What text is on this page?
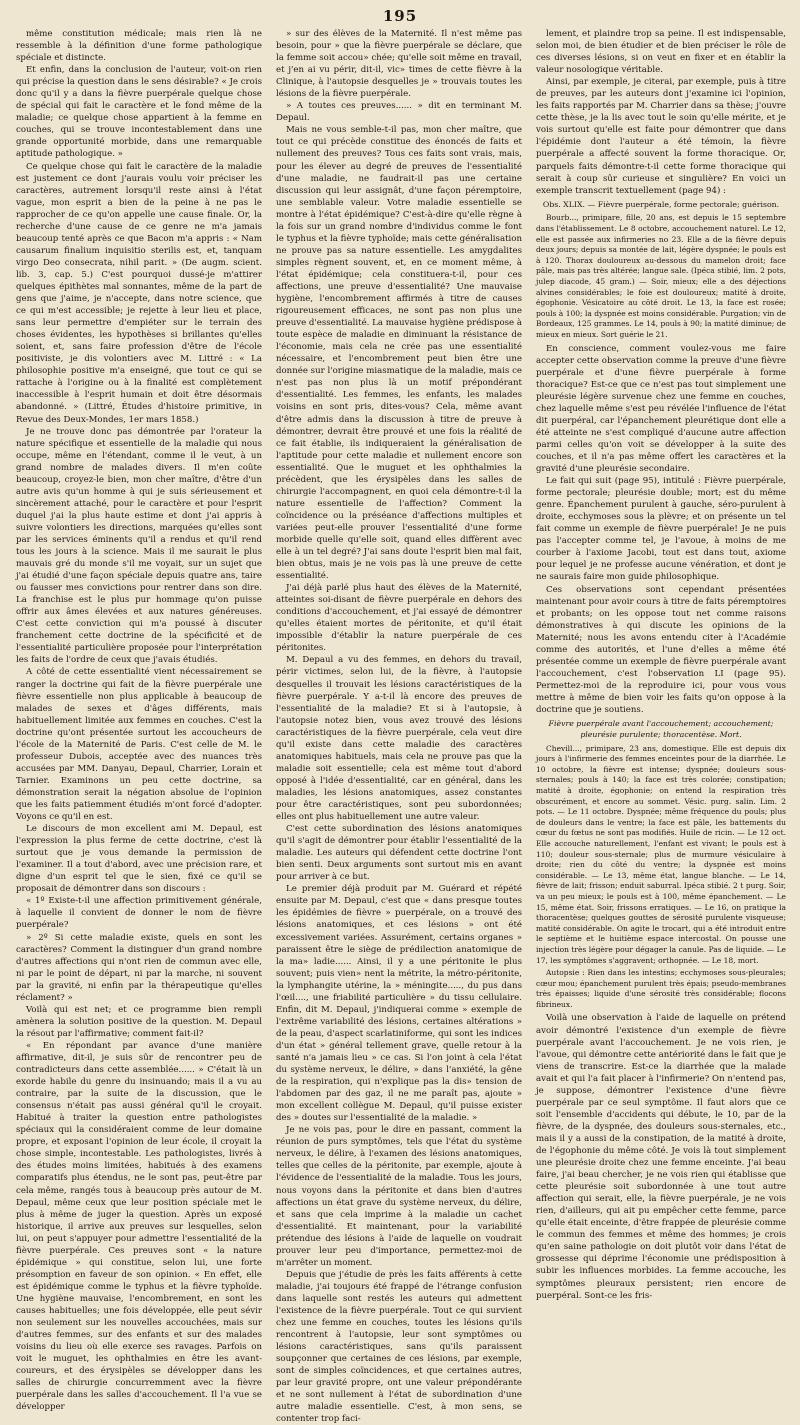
195

même constitution médicale; mais rien là ne ressemble à la définition d'une forme pathologique spéciale et distincte.

Et enfin, dans la conclusion de l'auteur, voit-on rien qui précise la question dans le sens désirable? « Je crois donc qu'il y a dans la fièvre puerpérale quelque chose de spécial qui fait le caractère et le fond même de la maladie; ce quelque chose appartient à la femme en couches, qui se trouve incontestablement dans une grande opportunité morbide, dans une remarquable aptitude pathologique. »

Ce quelque chose qui fait le caractère de la maladie est justement ce dont j'aurais voulu voir préciser les caractères, autrement lorsqu'il reste ainsi à l'état vague, mon esprit a bien de la peine à ne pas le rapprocher de ce qu'on appelle une cause finale. Or, la recherche d'une cause de ce genre ne m'a jamais beaucoup tenté après ce que Bacon m'a appris : « Nam causarum finalium inquisitio sterilis est, et, tanquam virgo Deo consecrata, nihil parit. » (De augm. scient. lib. 3, cap. 5.) C'est pourquoi dussé-je m'attirer quelques épithètes mal sonnantes, même de la part de gens que j'aime, je n'accepte, dans notre science, que ce qui m'est accessible; je rejette à leur lieu et place, sans leur permettre d'empiéter sur le terrain des choses évidentes, les hypothèses si brillantes qu'elles soient, et, sans faire profession d'être de l'école positiviste, je dis volontiers avec M. Littré : « La philosophie positive m'a enseigné, que tout ce qui se rattache à l'origine ou à la finalité est complètement inaccessible à l'esprit humain et doit être désormais abandonné. » (Littré, Études d'histoire primitive, in Revue des Deux-Mondes, 1er mars 1858.)

Je ne trouve donc pas démontrée par l'orateur la nature spécifique et essentielle de la maladie qui nous occupe, même en l'étendant, comme il le veut, à un grand nombre de malades divers. Il m'en coûte beaucoup, croyez-le bien, mon cher maître, d'être d'un autre avis qu'un homme à qui je suis sérieusement et sincèrement attaché, pour le caractère et pour l'esprit duquel j'ai la plus haute estime et dont j'ai appris à suivre volontiers les directions, marquées qu'elles sont par les services éminents qu'il a rendus et qu'il rend tous les jours à la science. Mais il me saurait le plus mauvais gré du monde s'il me voyait, sur un sujet que j'ai étudié d'une façon spéciale depuis quatre ans, taire ou fausser mes convictions pour rentrer dans son dire. La franchise est le plus pur hommage qu'on puisse offrir aux âmes élevées et aux natures généreuses. C'est cette conviction qui m'a poussé à discuter franchement cette doctrine de la spécificité et de l'essentialité particulière proposée pour l'interprétation les faits de l'ordre de ceux que j'avais étudiés.

A côté de cette essentialité vient nécessairement se ranger la doctrine qui fait de la fièvre puerpérale une fièvre essentielle non plus applicable à beaucoup de malades de sexes et d'âges différents, mais habituellement limitée aux femmes en couches. C'est la doctrine qu'ont présentée surtout les accoucheurs de l'école de la Maternité de Paris. C'est celle de M. le professeur Dubois, acceptée avec des nuances très accusées par MM. Danyau, Depaul, Charrier, Lorain et Tarnier. Examinons un peu cette doctrine, sa démonstration serait la négation absolue de l'opinion que les faits patiemment étudiés m'ont forcé d'adopter. Voyons ce qu'il en est.

Le discours de mon excellent ami M. Depaul, est l'expression la plus ferme de cette doctrine, c'est là surtout que je vous demande la permission de l'examiner. Il a tout d'abord, avec une précision rare, et digne d'un esprit tel que le sien, fixé ce qu'il se proposait de démontrer dans son discours :

« 1º Existe-t-il une affection primitivement générale, à laquelle il convient de donner le nom de fièvre puerpérale?

» 2º Si cette maladie existe, quels en sont les caractères? Comment la distinguer d'un grand nombre d'autres affections qui n'ont rien de commun avec elle, ni par le point de départ, ni par la marche, ni souvent par la gravité, ni enfin par la thérapeutique qu'elles réclament? »

Voilà qui est net; et ce programme bien rempli amènera la solution positive de la question. M. Depaul la résout par l'affirmative; comment fait-il?

« En répondant par avance d'une manière affirmative, dit-il, je suis sûr de rencontrer peu de contradicteurs dans cette assemblée...... » C'était là un exorde habile du genre du insinuando; mais il a vu au contraire, par la suite de la discussion, que le consensus n'était pas aussi général qu'il le croyait. Habitué à traiter la question entre pathologistes spéciaux qui la considéraient comme de leur domaine propre, et exposant l'opinion de leur école, il croyait la chose simple, incontestable. Les pathologistes, livrés à des études moins limitées, habitués à des examens comparatifs plus étendus, ne le sont pas, peut-être par cela même, rangés tous à beaucoup près autour de M. Depaul, même ceux que leur position spéciale met le plus à même de juger la question. Après un exposé historique, il arrive aux preuves sur lesquelles, selon lui, on peut s'appuyer pour admettre l'essentialité de la fièvre puerpérale. Ces preuves sont « la nature épidémique » qui constitue, selon lui, une forte présomption en faveur de son opinion. « En effet, elle est épidémique comme le typhus et la fièvre typhoïde. Une hygiène mauvaise, l'encombrement, en sont les causes habituelles; une fois développée, elle peut sévir non seulement sur les nouvelles accouchées, mais sur d'autres femmes, sur des enfants et sur des malades voisins du lieu où elle exerce ses ravages. Parfois on voit le muguet, les ophthalmies en être les avant-coureurs, et des érysipèles se développer dans les salles de chirurgie concurremment avec la fièvre puerpérale dans les salles d'accouchement. Il l'a vue se développer

» sur des élèves de la Maternité. Il n'est même pas besoin, pour » que la fièvre puerpérale se déclare, que la femme soit accou» chée; qu'elle soit même en travail, et j'en ai vu périr, dit-il, vic» times de cette fièvre à la Clinique, à l'autopsie desquelles je » trouvais toutes les lésions de la fièvre puerpérale.

» A toutes ces preuves...... » dit en terminant M. Depaul.

Mais ne vous semble-t-il pas, mon cher maître, que tout ce qui précède constitue des énoncés de faits et nullement des preuves? Tous ces faits sont vrais, mais, pour les élever au degré de preuves de l'essentialité d'une maladie, ne faudrait-il pas une certaine discussion qui leur assignât, d'une façon péremptoire, une semblable valeur. Votre maladie essentielle se montre à l'état épidémique? C'est-à-dire qu'elle règne à la fois sur un grand nombre d'individus comme le font le typhus et la fièvre typhoïde; mais cette généralisation ne prouve pas sa nature essentielle. Les amygdalites simples règnent souvent, et, en ce moment même, à l'état épidémique; cela constituera-t-il, pour ces affections, une preuve d'essentialité? Une mauvaise hygiène, l'encombrement affirmés à titre de causes rigoureusement efficaces, ne sont pas non plus une preuve d'essentialité. La mauvaise hygiène prédispose à toute espèce de maladie en diminuant la résistance de l'économie, mais cela ne crée pas une essentialité nécessaire, et l'encombrement peut bien être une donnée sur l'origine miasmatique de la maladie, mais ce n'est pas non plus là un motif prépondérant d'essentialité. Les femmes, les enfants, les malades voisins en sont pris, dites-vous? Cela, même avant d'être admis dans la discussion à titre de preuve à démontrer, devrait être prouvé et une fois la réalité de ce fait établie, ils indiqueraient la généralisation de l'aptitude pour cette maladie et nullement encore son essentialité. Que le muguet et les ophthalmies la précèdent, que les érysipèles dans les salles de chirurgie l'accompagnent, en quoi cela démontre-t-il la nature essentielle de l'affection? Comment la coïncidence ou la préséance d'affections multiples et variées peut-elle prouver l'essentialité d'une forme morbide quelle qu'elle soit, quand elles diffèrent avec elle à un tel degré? J'ai sans doute l'esprit bien mal fait, bien obtus, mais je ne vois pas là une preuve de cette essentialité.

J'ai déjà parlé plus haut des élèves de la Maternité, atteintes soi-disant de fièvre puerpérale en dehors des conditions d'accouchement, et j'ai essayé de démontrer qu'elles étaient mortes de péritonite, et qu'il était impossible d'établir la nature puerpérale de ces péritonites.

M. Depaul a vu des femmes, en dehors du travail, périr victimes, selon lui, de la fièvre, à l'autopsie desquelles il trouvait les lésions caractéristiques de la fièvre puerpérale. Y a-t-il là encore des preuves de l'essentialité de la maladie? Et si à l'autopsie, à l'autopsie notez bien, vous avez trouvé des lésions caractéristiques de la fièvre puerpérale, cela veut dire qu'il existe dans cette maladie des caractères anatomiques habituels, mais cela ne prouve pas que la maladie soit essentielle; cela est même tout d'abord opposé à l'idée d'essentialité, car en général, dans les maladies, les lésions anatomiques, assez constantes pour être caractéristiques, sont peu subordonnées; elles ont plus habituellement une autre valeur.

C'est cette subordination des lésions anatomiques qu'il s'agit de démontrer pour établir l'essentialité de la maladie. Les auteurs qui défendent cette doctrine l'ont bien senti. Deux arguments sont surtout mis en avant pour arriver à ce but.

Le premier déjà produit par M. Guérard et répété ensuite par M. Depaul, c'est que « dans presque toutes les épidémies de fièvre » puerpérale, on a trouvé des lésions anatomiques, et ces lésions » ont été excessivement variées. Assurément, certains organes » paraissent être le siège de prédilection anatomique de la ma» ladie...... Ainsi, il y a une péritonite le plus souvent; puis vien» nent la métrite, la métro-péritonite, la lymphangite utérine, la » méningite....., du pus dans l'œil...., une friabilité particulière » du tissu cellulaire. Enfin, dit M. Depaul, j'indiquerai comme » exemple de l'extrême variabilité des lésions, certaines altérations » de la peau, d'aspect scarlatiniforme, qui sont les indices d'un état » général tellement grave, quelle retour à la santé n'a jamais lieu » ce cas. Si l'on joint à cela l'état du système nerveux, le délire, » dans l'anxiété, la gêne de la respiration, qui n'explique pas la dis» tension de l'abdomen par des gaz, il ne me paraît pas, ajoute » mon excellent collègue M. Depaul, qu'il puisse exister des » doutes sur l'essentialité de la maladie. »

Je ne vois pas, pour le dire en passant, comment la réunion de purs symptômes, tels que l'état du système nerveux, le délire, à l'examen des lésions anatomiques, telles que celles de la péritonite, par exemple, ajoute à l'évidence de l'essentialité de la maladie. Tous les jours, nous voyons dans la péritonite et dans bien d'autres affections un état grave du système nerveux, du délire, et sans que cela imprime à la maladie un cachet d'essentialité. Et maintenant, pour la variabilité prétendue des lésions à l'aide de laquelle on voudrait prouver leur peu d'importance, permettez-moi de m'arrêter un moment.

Depuis que j'étudie de près les faits afférents à cette maladie, j'ai toujours été frappé de l'étrange confusion dans laquelle sont restés les auteurs qui admettent l'existence de la fièvre puerpérale. Tout ce qui survient chez une femme en couches, toutes les lésions qu'ils rencontrent à l'autopsie, leur sont symptômes ou lésions caractéristiques, sans qu'ils paraissent soupçonner que certaines de ces lésions, par exemple, sont de simples coïncidences, et que certaines autres, par leur gravité propre, ont une valeur prépondérante et ne sont nullement à l'état de subordination d'une autre maladie essentielle. C'est, à mon sens, se contenter trop faci-

lement, et plaindre trop sa peine. Il est indispensable, selon moi, de bien étudier et de bien préciser le rôle de ces diverses lésions, si on veut en fixer et en établir la valeur nosologique véritable.

Ainsi, par exemple, je citerai, par exemple, puis à titre de preuves, par les auteurs dont j'examine ici l'opinion, les faits rapportés par M. Charrier dans sa thèse; j'ouvre cette thèse, je la lis avec tout le soin qu'elle mérite, et je vois surtout qu'elle est faite pour démontrer que dans l'épidémie dont l'auteur a été témoin, la fièvre puerpérale a affecté souvent la forme thoracique. Or, parquels faits démontre-t-il cette forme thoracique qui serait à coup sûr curieuse et singulière? En voici un exemple transcrit textuellement (page 94) :

Obs. XLIX. — Fièvre puerpérale, forme pectorale; guérison.

Bourb..., primipare, fille, 20 ans, est depuis le 15 septembre dans l'établissement. Le 8 octobre, accouchement naturel. Le 12, elle est passée aux infirmeries no 23. Elle a de la fièvre depuis deux jours; depuis sa montée de lait, légère dyspnée; le pouls est à 120. Thorax douloureux au-dessous du mamelon droit; face pâle, mais pas très altérée; langue sale. (Ipéca stibié, lim. 2 pots, julep diacode, 45 gram.) — Soir, mieux; elle a des déjections alvines considérables; le foie est douloureux; matité à droite, égophonie. Vésicatoire au côté droit. Le 13, la face est rosée; pouls à 100; la dyspnée est moins considérable. Purgation; vin de Bordeaux, 125 grammes. Le 14, pouls à 90; la matité diminue; de mieux en mieux. Sort guérie le 21.

En conscience, comment voulez-vous me faire accepter cette observation comme la preuve d'une fièvre puerpérale et d'une fièvre puerpérale à forme thoracique? Est-ce que ce n'est pas tout simplement une pleurésie légère survenue chez une femme en couches, chez laquelle même s'est peu révélée l'influence de l'état dit puerpéral, car l'épanchement pleurétique dont elle a été atteinte ne s'est compliqué d'aucune autre affection parmi celles qu'on voit se développer à la suite des couches, et il n'a pas même offert les caractères et la gravité d'une pleurésie secondaire.

Le fait qui suit (page 95), intitulé : Fièvre puerpérale, forme pectorale; pleurésie double; mort; est du même genre. Épanchement purulent à gauche, séro-purulent à droite, ecchymoses sous la plèvre; et on présente un tel fait comme un exemple de fièvre puerpérale! Je ne puis pas l'accepter comme tel, je l'avoue, à moins de me courber à l'axiome Jacobi, tout est dans tout, axiome pour lequel je ne professe aucune vénération, et dont je ne saurais faire mon guide philosophique.

Ces observations sont cependant présentées maintenant pour avoir cours à titre de faits péremptoires et probants; on les oppose tout net comme raisons démonstratives à qui discute les opinions de la Maternité; nous les avons entendu citer à l'Académie comme des autorités, et l'une d'elles a même été présentée comme un exemple de fièvre puerpérale avant l'accouchement, c'est l'observation LI (page 95). Permettez-moi de la reproduire ici, pour vous vous mettre à même de bien voir les faits qu'on oppose à la doctrine que je soutiens.

Fièvre puerpérale avant l'accouchement; accouchement; pleurésie purulente; thoracentèse. Mort.

Chevill..., primipare, 23 ans, domestique. Elle est depuis dix jours à l'infirmerie des femmes enceintes pour de la diarrhée. Le 10 octobre, la fièvre est intense; dyspnée; douleurs sous-sternales; pouls à 140; la face est très colorée; constipation; matité à droite, égophonie; on entend la respiration très obscurément, et encore au sommet. Vésic. purg. salin. Lim. 2 pots. — Le 11 octobre. Dyspnée; même fréquence du pouls; plus de douleurs dans le ventre; la face est pâle, les battements du cœur du fœtus ne sont pas modifiés. Huile de ricin. — Le 12 oct. Elle accouche naturellement, l'enfant est vivant; le pouls est à 110; douleur sous-sternale; plus de murmure vésiculaire à droite; rien du côté du ventre; la dyspnée est moins considérable. — Le 13, même état, langue blanche. — Le 14, fièvre de lait; frisson; enduit saburral. Ipéca stibié. 2 t purg. Soir, va un peu mieux; le pouls est à 100, même épanchement. — Le 15, même état. Soir, frissons erratiques. — Le 16, on pratique la thoracentèse; quelques gouttes de sérosité purulente visqueuse; matité considérable. On agite le trocart, qui a été introduit entre le septième et le huitième espace intercostal. On pousse une injection très légère pour dégager la canule. Pas de liquide. — Le 17, les symptômes s'aggravent; orthopnée. — Le 18, mort.

Autopsie : Rien dans les intestins; ecchymoses sous-pleurales; cœur mou; épanchement purulent très épais; pseudo-membranes très épaisses; liquide d'une sérosité très considérable; flocons fibrineux.

Voilà une observation à l'aide de laquelle on prétend avoir démontré l'existence d'un exemple de fièvre puerpérale avant l'accouchement. Je ne vois rien, je l'avoue, qui démontre cette antériorité dans le fait que je viens de transcrire. Est-ce la diarrhée que la malade avait et qui l'a fait placer à l'infirmerie? On n'entend pas, je suppose, démontrer l'existence d'une fièvre puerpérale par ce seul symptôme. Il faut alors que ce soit l'ensemble d'accidents qui débute, le 10, par de la fièvre, de la dyspnée, des douleurs sous-sternales, etc., mais il y a aussi de la constipation, de la matité à droite, de l'égophonie du même côté. Je vois là tout simplement une pleurésie droite chez une femme enceinte. J'ai beau faire, j'ai beau chercher, je ne vois rien qui établisse que cette pleurésie soit subordonnée à une tout autre affection qui serait, elle, la fièvre puerpérale, je ne vois rien, d'ailleurs, qui ait pu empêcher cette femme, parce qu'elle était enceinte, d'être frappée de pleurésie comme le commun des femmes et même des hommes; je crois qu'en saine pathologie on doit plutôt voir dans l'état de grossesse qui déprime l'économie une prédisposition à subir les influences morbides. La femme accouche, les symptômes pleuraux persistent; rien encore de puerpéral. Sont-ce les fris-
